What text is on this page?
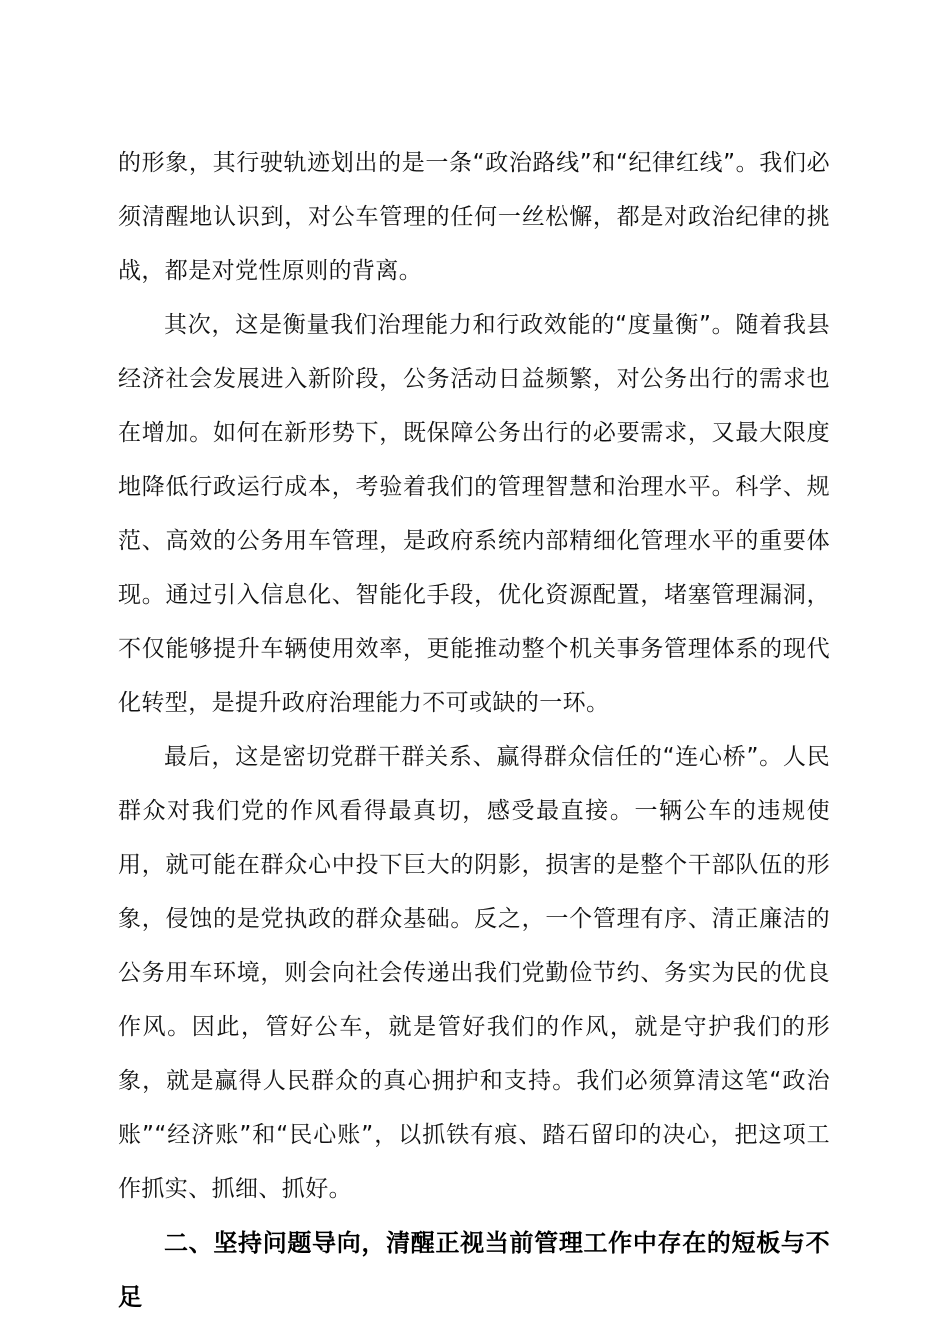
的形象，其行驶轨迹划出的是一条“政治路线”和“纪律红线”。我们必须清醒地认识到，对公车管理的任何一丝松懈，都是对政治纪律的挑战，都是对党性原则的背离。

其次，这是衡量我们治理能力和行政效能的“度量衡”。随着我县经济社会发展进入新阶段，公务活动日益频繁，对公务出行的需求也在增加。如何在新形势下，既保障公务出行的必要需求，又最大限度地降低行政运行成本，考验着我们的管理智慧和治理水平。科学、规范、高效的公务用车管理，是政府系统内部精细化管理水平的重要体现。通过引入信息化、智能化手段，优化资源配置，堵塞管理漏洞，不仅能够提升车辆使用效率，更能推动整个机关事务管理体系的现代化转型，是提升政府治理能力不可或缺的一环。

最后，这是密切党群干群关系、赢得群众信任的“连心桥”。人民群众对我们党的作风看得最真切，感受最直接。一辆公车的违规使用，就可能在群众心中投下巨大的阴影，损害的是整个干部队伍的形象，侵蚀的是党执政的群众基础。反之，一个管理有序、清正廉洁的公务用车环境，则会向社会传递出我们党勤俭节约、务实为民的优良作风。因此，管好公车，就是管好我们的作风，就是守护我们的形象，就是赢得人民群众的真心拥护和支持。我们必须算清这笔“政治账”“经济账”和“民心账”，以抓铁有痕、踏石留印的决心，把这项工作抓实、抓细、抓好。

二、坚持问题导向，清醒正视当前管理工作中存在的短板与不足
